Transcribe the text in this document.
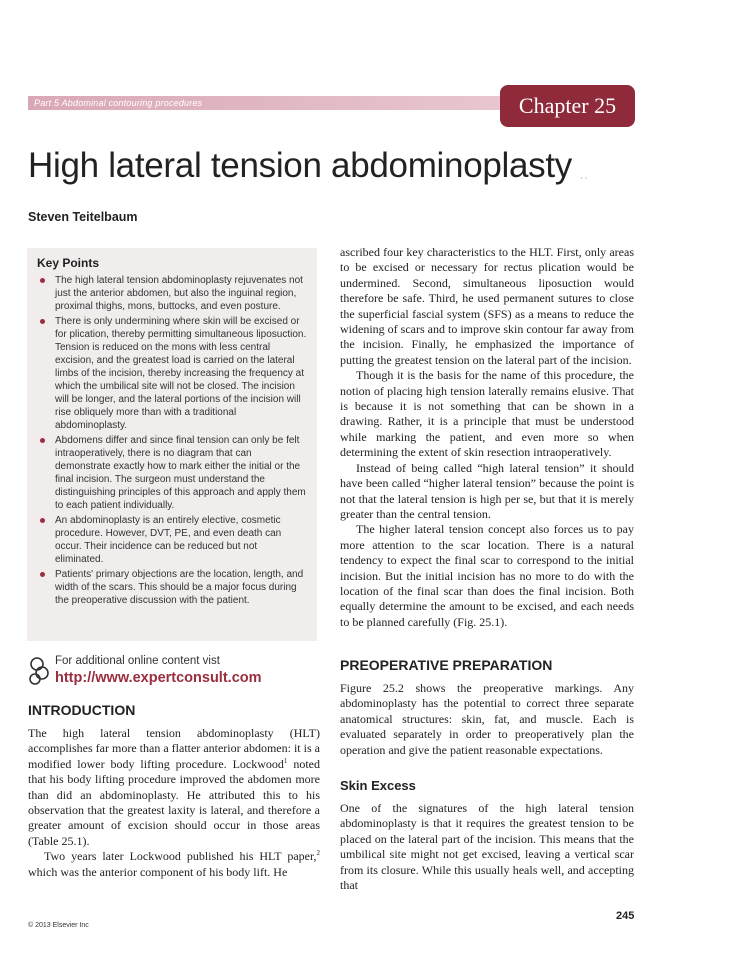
Part 5 Abdominal contouring procedures	Chapter 25
High lateral tension abdominoplasty · ·
Steven Teitelbaum
Key Points
The high lateral tension abdominoplasty rejuvenates not just the anterior abdomen, but also the inguinal region, proximal thighs, mons, buttocks, and even posture.
There is only undermining where skin will be excised or for plication, thereby permitting simultaneous liposuction. Tension is reduced on the mons with less central excision, and the greatest load is carried on the lateral limbs of the incision, thereby increasing the frequency at which the umbilical site will not be closed. The incision will be longer, and the lateral portions of the incision will rise obliquely more than with a traditional abdominoplasty.
Abdomens differ and since final tension can only be felt intraoperatively, there is no diagram that can demonstrate exactly how to mark either the initial or the final incision. The surgeon must understand the distinguishing principles of this approach and apply them to each patient individually.
An abdominoplasty is an entirely elective, cosmetic procedure. However, DVT, PE, and even death can occur. Their incidence can be reduced but not eliminated.
Patients' primary objections are the location, length, and width of the scars. This should be a major focus during the preoperative discussion with the patient.
For additional online content vist
http://www.expertconsult.com
INTRODUCTION

The high lateral tension abdominoplasty (HLT) accomplishes far more than a flatter anterior abdomen: it is a modified lower body lifting procedure. Lockwood$^1$ noted that his body lifting procedure improved the abdomen more than did an abdominoplasty. He attributed this to his observation that the greatest laxity is lateral, and therefore a greater amount of excision should occur in those areas (Table 25.1).

Two years later Lockwood published his HLT paper,$^2$ which was the anterior component of his body lift. He

ascribed four key characteristics to the HLT. First, only areas to be excised or necessary for rectus plication would be undermined. Second, simultaneous liposuction would therefore be safe. Third, he used permanent sutures to close the superficial fascial system (SFS) as a means to reduce the widening of scars and to improve skin contour far away from the incision. Finally, he emphasized the importance of putting the greatest tension on the lateral part of the incision.

Though it is the basis for the name of this procedure, the notion of placing high tension laterally remains elusive. That is because it is not something that can be shown in a drawing. Rather, it is a principle that must be understood while marking the patient, and even more so when determining the extent of skin resection intraoperatively.

Instead of being called “high lateral tension” it should have been called “higher lateral tension” because the point is not that the lateral tension is high per se, but that it is merely greater than the central tension.

The higher lateral tension concept also forces us to pay more attention to the scar location. There is a natural tendency to expect the final scar to correspond to the initial incision. But the initial incision has no more to do with the location of the final scar than does the final incision. Both equally determine the amount to be excised, and each needs to be planned carefully (Fig. 25.1).

PREOPERATIVE PREPARATION

Figure 25.2 shows the preoperative markings. Any abdominoplasty has the potential to correct three separate anatomical structures: skin, fat, and muscle. Each is evaluated separately in order to preoperatively plan the operation and give the patient reasonable expectations.

Skin Excess

One of the signatures of the high lateral tension abdominoplasty is that it requires the greatest tension to be placed on the lateral part of the incision. This means that the umbilical site might not get excised, leaving a vertical scar from its closure. While this usually heals well, and accepting that

© 2013 Elsevier Inc
245
